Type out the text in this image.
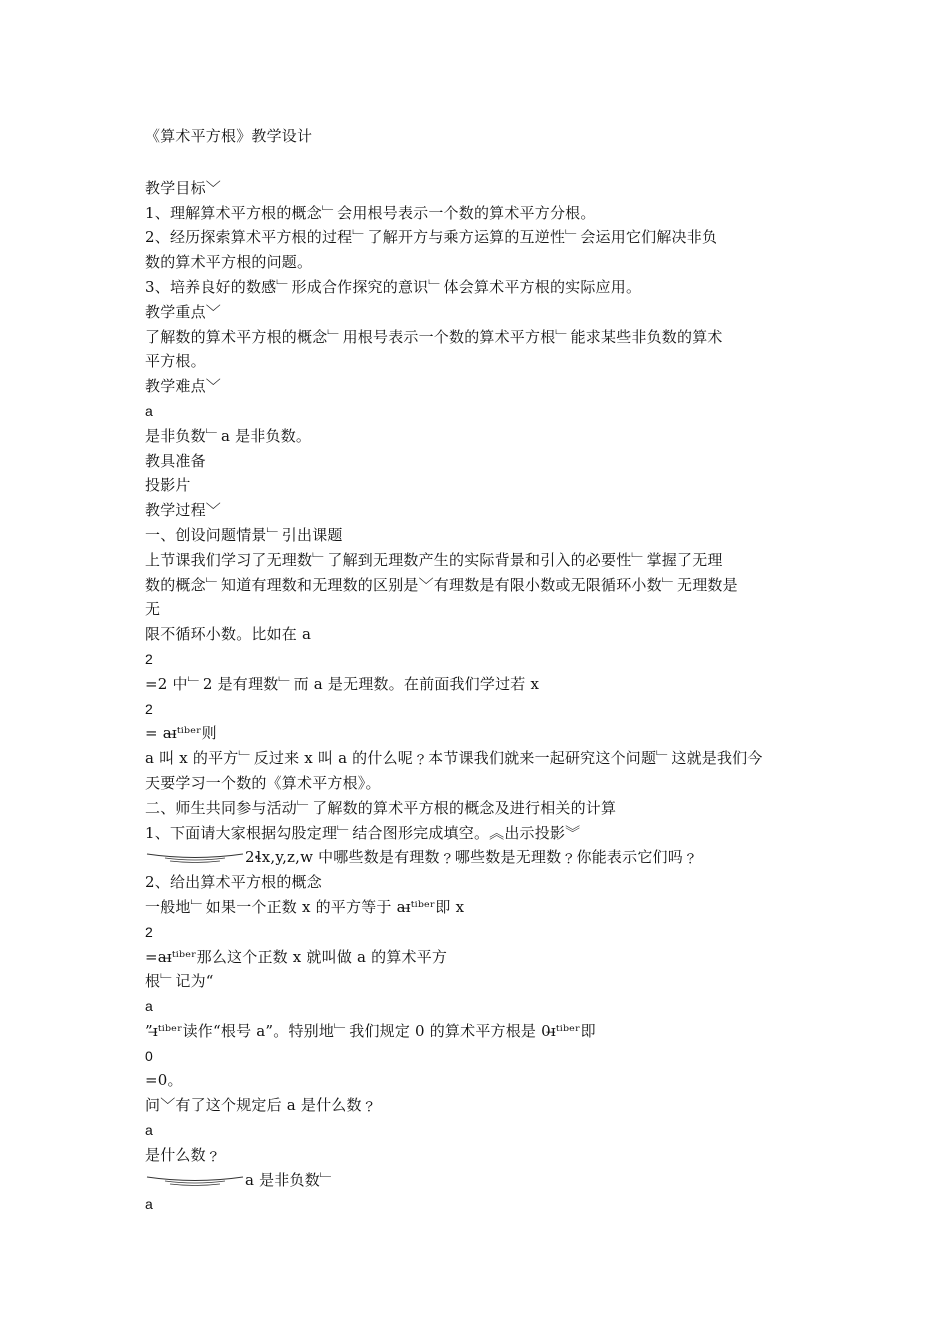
《算术平方根》教学设计
教学目标﹀
1、理解算术平方根的概念﹂会用根号表示一个数的算术平方分根。
2、经历探索算术平方根的过程﹂了解开方与乘方运算的互逆性﹂会运用它们解决非负
数的算术平方根的问题。
3、培养良好的数感﹂形成合作探究的意识﹂体会算术平方根的实际应用。
教学重点﹀
了解数的算术平方根的概念﹂用根号表示一个数的算术平方根﹂能求某些非负数的算术
平方根。
教学难点﹀
a
是非负数﹂a 是非负数。
教具准备
投影片
教学过程﹀
一、创设问题情景﹂引出课题
上节课我们学习了无理数﹂了解到无理数产生的实际背景和引入的必要性﹂掌握了无理
数的概念﹂知道有理数和无理数的区别是﹀有理数是有限小数或无限循环小数﹂无理数是
无
限不循环小数。比如在 a
2
=2 中﹂2 是有理数﹂而 a 是无理数。在前面我们学过若 x
2
= aɪ̶ᵗⁱᵇᵉʳ则
a 叫 x 的平方﹂反过来 x 叫 a 的什么呢﹖本节课我们就来一起研究这个问题﹂这就是我们今
天要学习一个数的《算术平方根》。
二、师生共同参与活动﹂了解数的算术平方根的概念及进行相关的计算
1、下面请大家根据勾股定理﹂结合图形完成填空。︽出示投影︾
2ɬx,y,z,w 中哪些数是有理数﹖哪些数是无理数﹖你能表示它们吗﹖
2、给出算术平方根的概念
一般地﹂如果一个正数 x 的平方等于 aɪ̶ᵗⁱᵇᵉʳ即 x
2
=aɪ̶ᵗⁱᵇᵉʳ那么这个正数 x 就叫做 a 的算术平方
根﹂记为“
a
”ɪ̶ᵗⁱᵇᵉʳ读作“根号 a”。特别地﹂我们规定 0 的算术平方根是 0ɪ̶ᵗⁱᵇᵉʳ即
0
=0。
问﹀有了这个规定后 a 是什么数﹖
a
是什么数﹖
a 是非负数﹂
a
